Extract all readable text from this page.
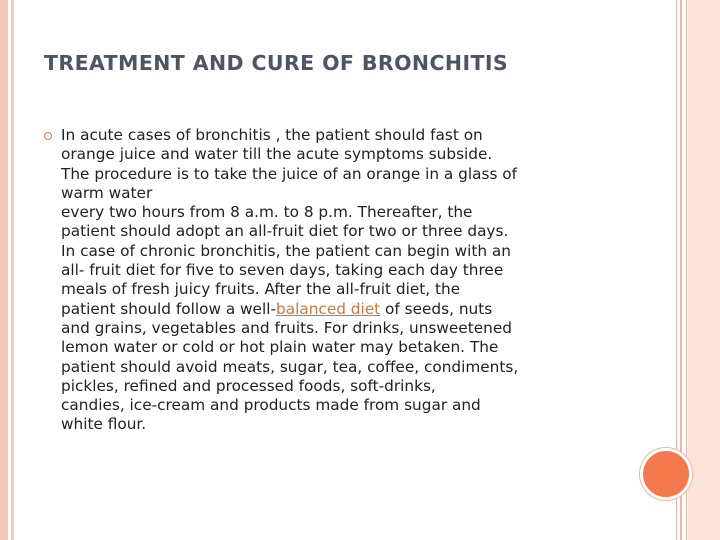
TREATMENT AND CURE OF BRONCHITIS
In acute cases of bronchitis , the patient should fast on
orange juice and water till the acute symptoms subside.
The procedure is to take the juice of an orange in a glass of
warm water
every two hours from 8 a.m. to 8 p.m. Thereafter, the
patient should adopt an all-fruit diet for two or three days.
In case of chronic bronchitis, the patient can begin with an
all- fruit diet for five to seven days, taking each day three
meals of fresh juicy fruits. After the all-fruit diet, the
patient should follow a well-balanced diet of seeds, nuts
and grains, vegetables and fruits. For drinks, unsweetened
lemon water or cold or hot plain water may betaken. The
patient should avoid meats, sugar, tea, coffee, condiments,
pickles, refined and processed foods, soft-drinks,
candies, ice-cream and products made from sugar and
white flour.
